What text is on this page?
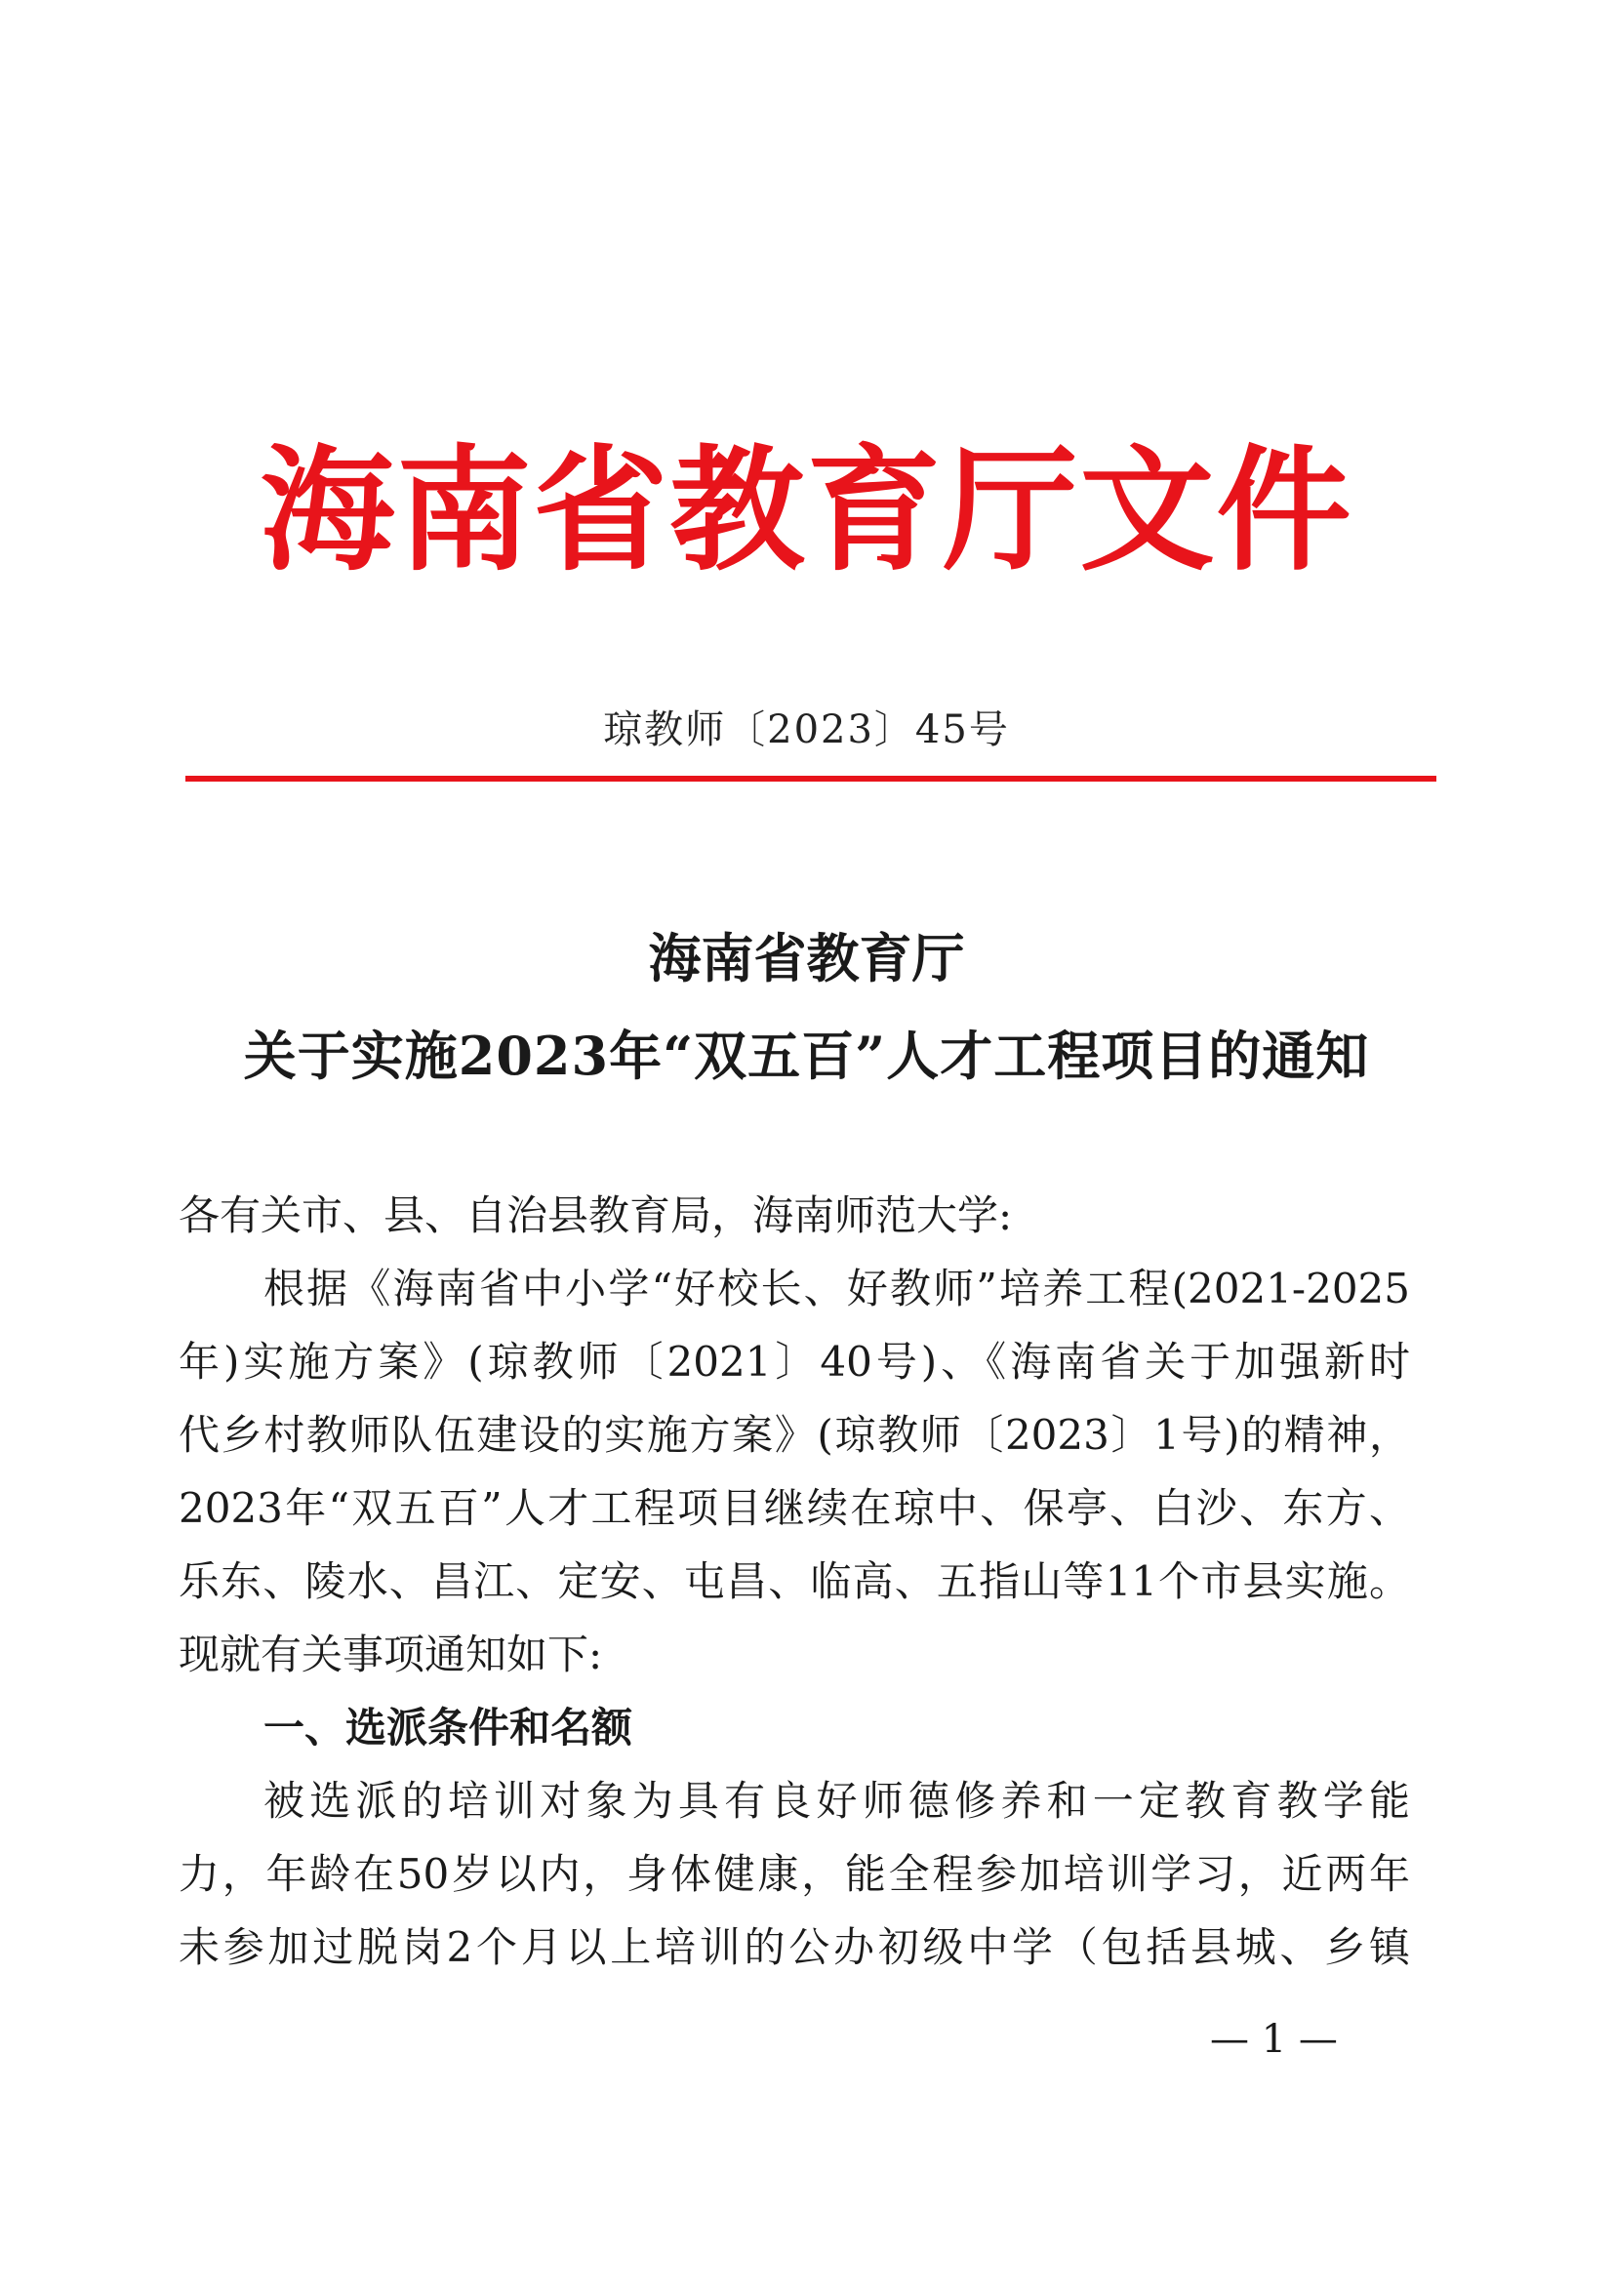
海南省教育厅文件
琼教师〔2023〕45号
海南省教育厅
关于实施2023年“双五百”人才工程项目的通知
各有关市、县、自治县教育局，海南师范大学:
根据《海南省中小学“好校长、好教师”培养工程(2021-2025
年)实施方案》(琼教师〔2021〕40号)、《海南省关于加强新时
代乡村教师队伍建设的实施方案》(琼教师〔2023〕1号)的精神，
2023年“双五百”人才工程项目继续在琼中、保亭、白沙、东方、
乐东、陵水、昌江、定安、屯昌、临高、五指山等11个市县实施。
现就有关事项通知如下:
一、选派条件和名额
被选派的培训对象为具有良好师德修养和一定教育教学能
力，年龄在50岁以内，身体健康，能全程参加培训学习，近两年
未参加过脱岗2个月以上培训的公办初级中学（包括县城、乡镇
— 1 —
